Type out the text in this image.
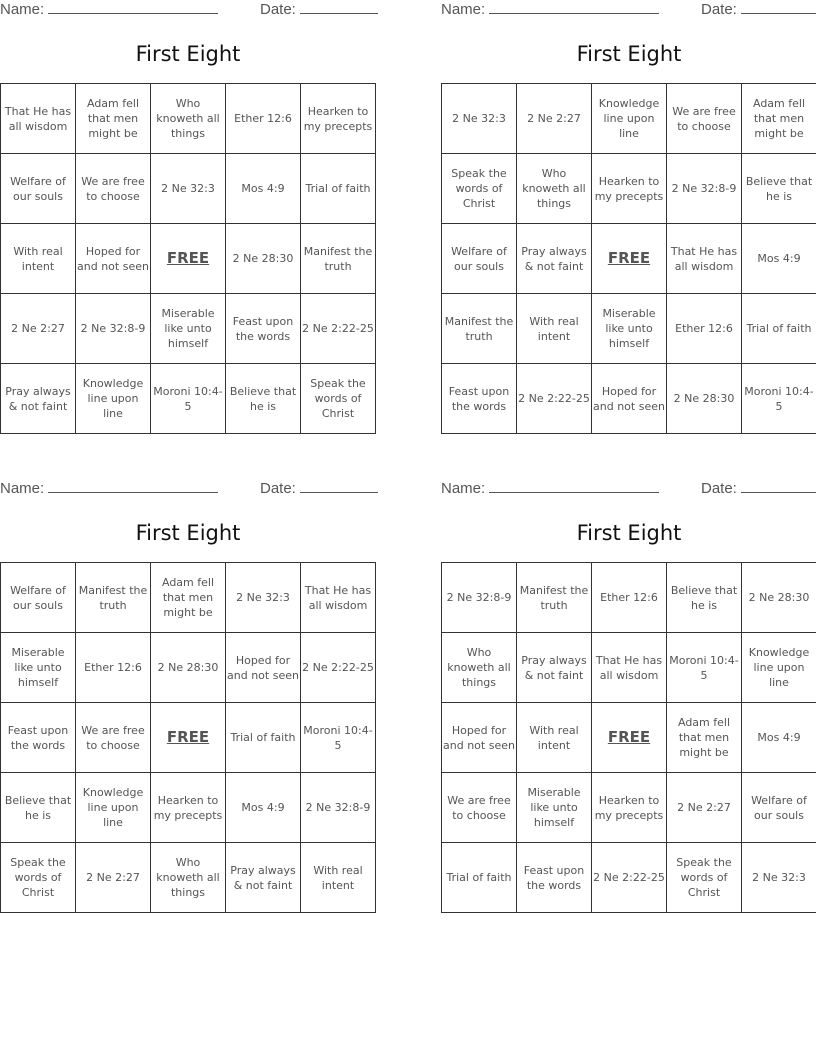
Name:	Date:
First Eight
That He has all wisdom	Adam fell that men might be	Who knoweth all things	Ether 12:6	Hearken to my precepts
Welfare of our souls	We are free to choose	2 Ne 32:3	Mos 4:9	Trial of faith
With real intent	Hoped for and not seen	FREE	2 Ne 28:30	Manifest the truth
2 Ne 2:27	2 Ne 32:8-9	Miserable like unto himself	Feast upon the words	2 Ne 2:22-25
Pray always & not faint	Knowledge line upon line	Moroni 10:4-5	Believe that he is	Speak the words of Christ
Name:	Date:
First Eight
2 Ne 32:3	2 Ne 2:27	Knowledge line upon line	We are free to choose	Adam fell that men might be
Speak the words of Christ	Who knoweth all things	Hearken to my precepts	2 Ne 32:8-9	Believe that he is
Welfare of our souls	Pray always & not faint	FREE	That He has all wisdom	Mos 4:9
Manifest the truth	With real intent	Miserable like unto himself	Ether 12:6	Trial of faith
Feast upon the words	2 Ne 2:22-25	Hoped for and not seen	2 Ne 28:30	Moroni 10:4-5
Name:	Date:
First Eight
Welfare of our souls	Manifest the truth	Adam fell that men might be	2 Ne 32:3	That He has all wisdom
Miserable like unto himself	Ether 12:6	2 Ne 28:30	Hoped for and not seen	2 Ne 2:22-25
Feast upon the words	We are free to choose	FREE	Trial of faith	Moroni 10:4-5
Believe that he is	Knowledge line upon line	Hearken to my precepts	Mos 4:9	2 Ne 32:8-9
Speak the words of Christ	2 Ne 2:27	Who knoweth all things	Pray always & not faint	With real intent
Name:	Date:
First Eight
2 Ne 32:8-9	Manifest the truth	Ether 12:6	Believe that he is	2 Ne 28:30
Who knoweth all things	Pray always & not faint	That He has all wisdom	Moroni 10:4-5	Knowledge line upon line
Hoped for and not seen	With real intent	FREE	Adam fell that men might be	Mos 4:9
We are free to choose	Miserable like unto himself	Hearken to my precepts	2 Ne 2:27	Welfare of our souls
Trial of faith	Feast upon the words	2 Ne 2:22-25	Speak the words of Christ	2 Ne 32:3
